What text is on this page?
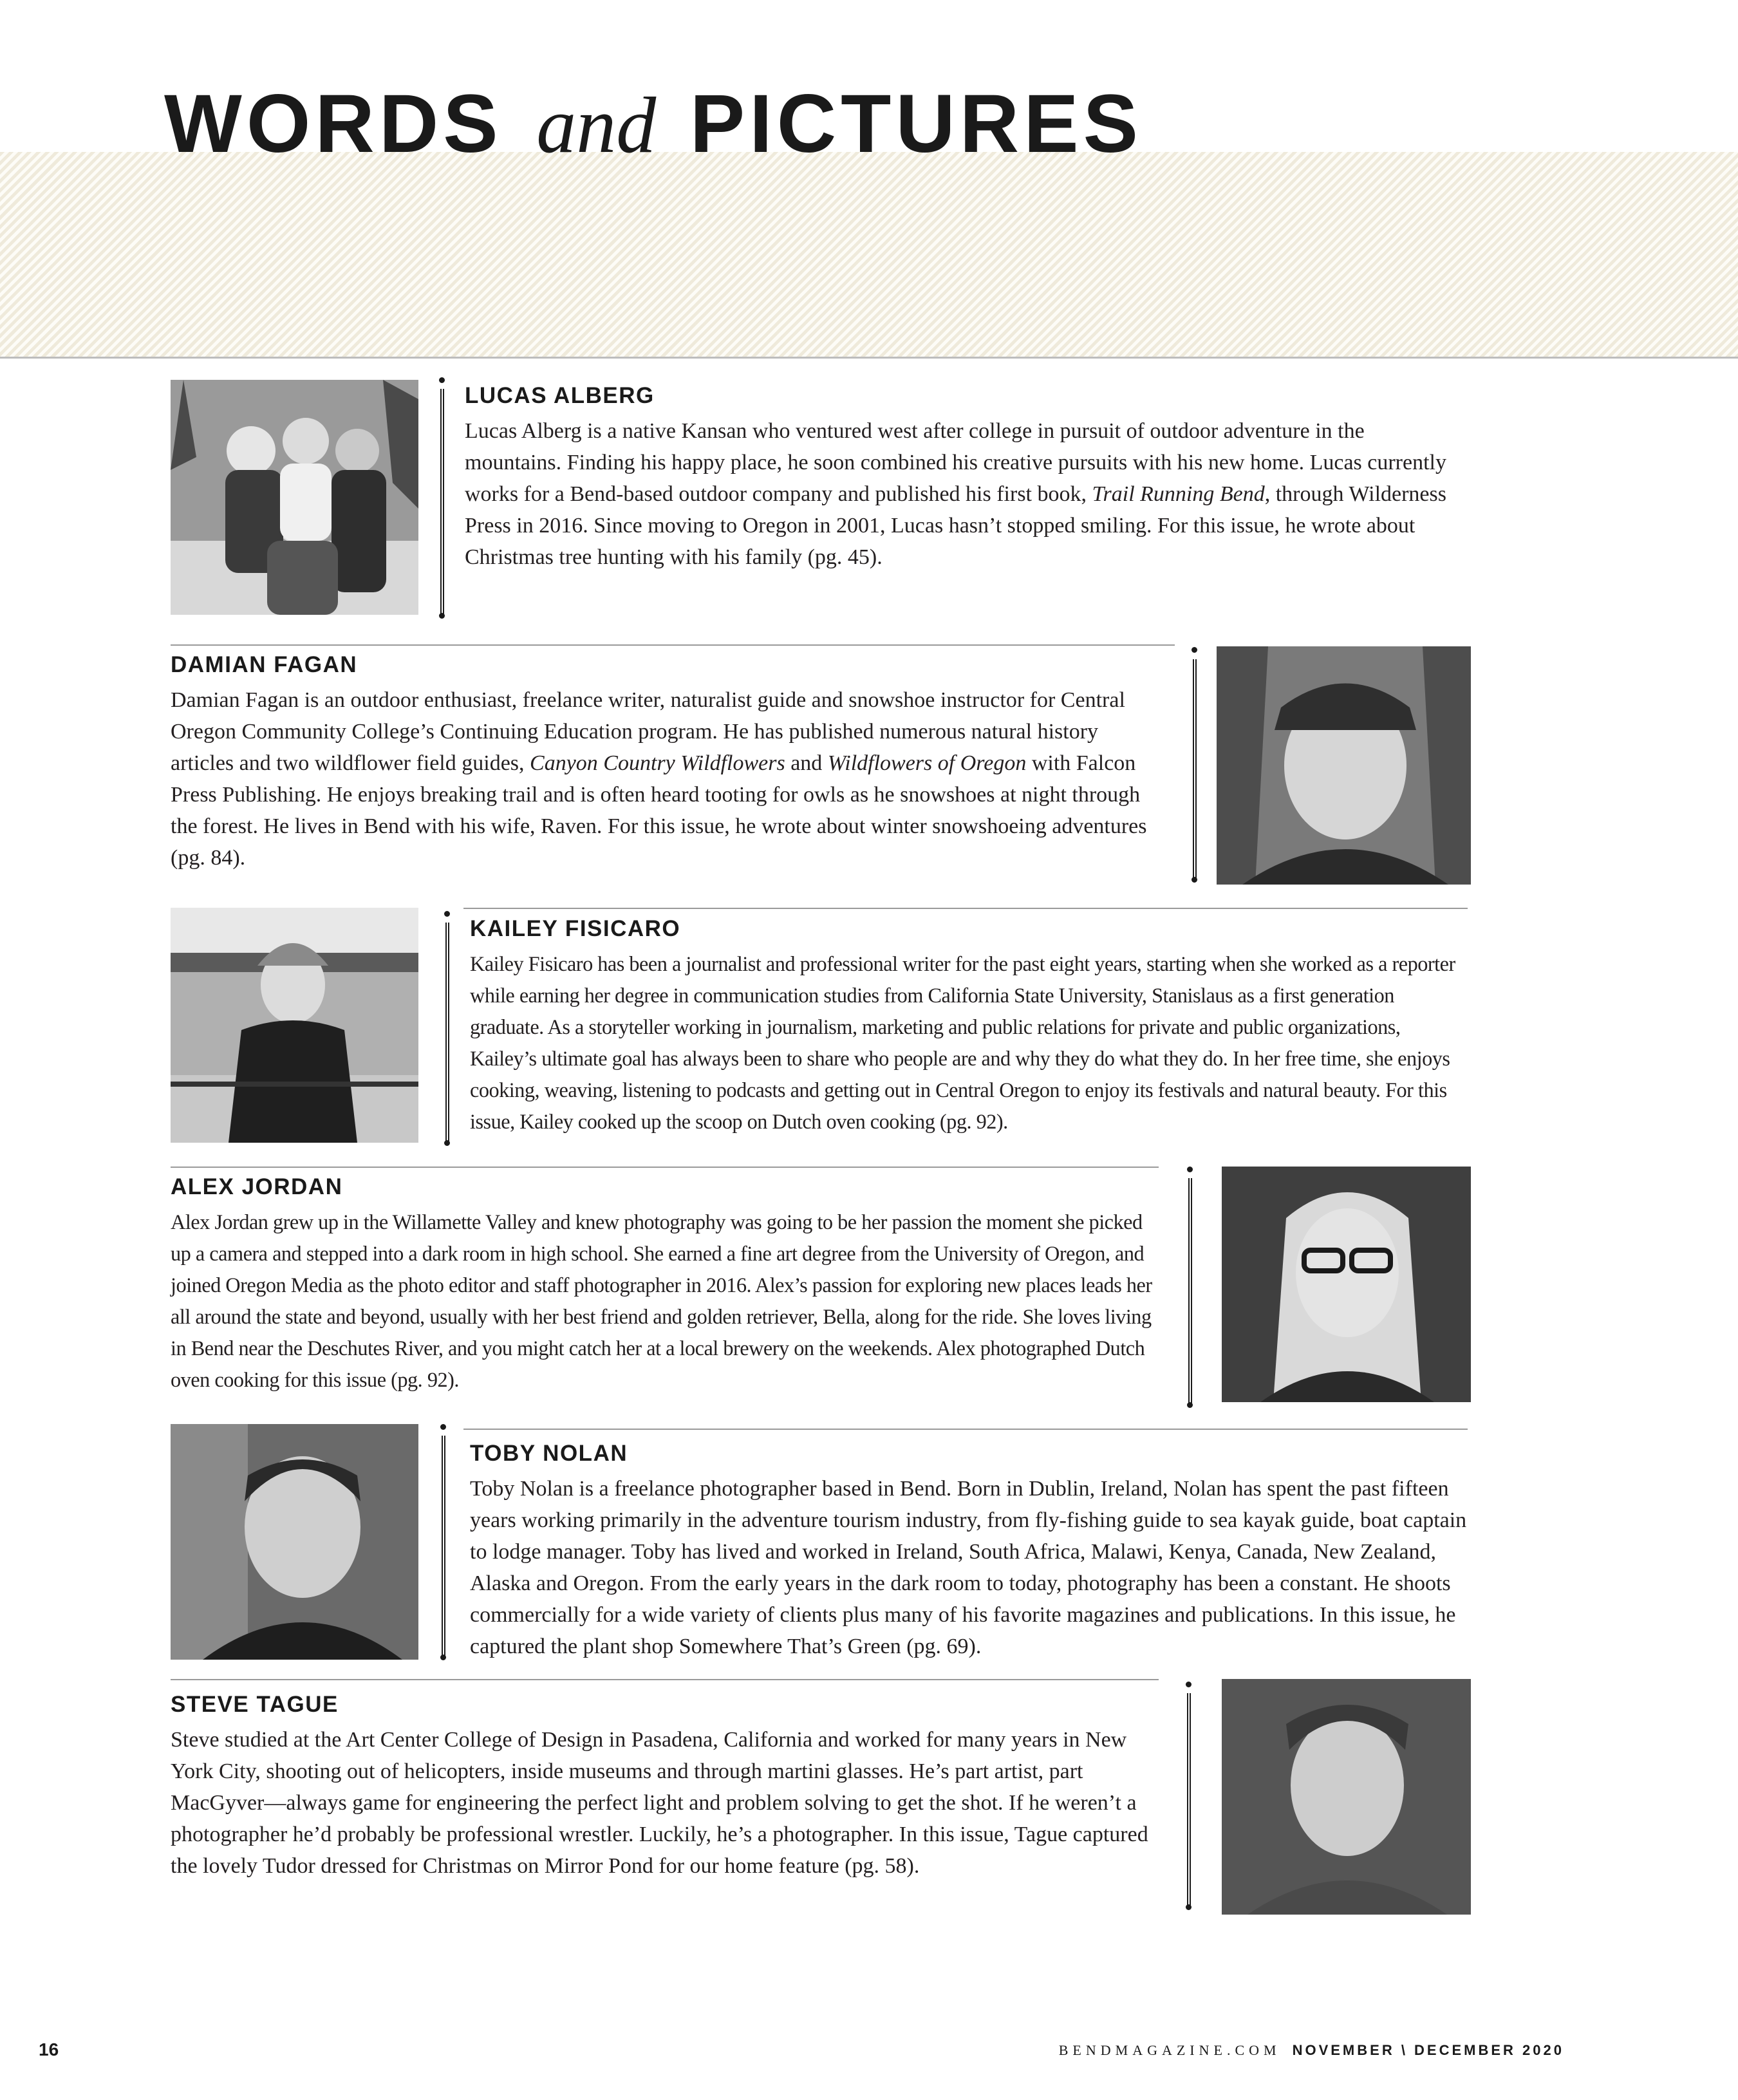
WORDS and PICTURES
LUCAS ALBERG

Lucas Alberg is a native Kansan who ventured west after college in pursuit of outdoor adventure in the mountains. Finding his happy place, he soon combined his creative pursuits with his new home. Lucas currently works for a Bend-based outdoor company and published his first book, Trail Running Bend, through Wilderness Press in 2016. Since moving to Oregon in 2001, Lucas hasn’t stopped smiling. For this issue, he wrote about Christmas tree hunting with his family (pg. 45).

DAMIAN FAGAN

Damian Fagan is an outdoor enthusiast, freelance writer, naturalist guide and snowshoe instructor for Central Oregon Community College’s Continuing Education program. He has published numerous natural history articles and two wildflower field guides, Canyon Country Wildflowers and Wildflowers of Oregon with Falcon Press Publishing. He enjoys breaking trail and is often heard tooting for owls as he snowshoes at night through the forest. He lives in Bend with his wife, Raven. For this issue, he wrote about winter snowshoeing adventures (pg. 84).

KAILEY FISICARO

Kailey Fisicaro has been a journalist and professional writer for the past eight years, starting when she worked as a reporter while earning her degree in communication studies from California State University, Stanislaus as a first generation graduate. As a storyteller working in journalism, marketing and public relations for private and public organizations, Kailey’s ultimate goal has always been to share who people are and why they do what they do. In her free time, she enjoys cooking, weaving, listening to podcasts and getting out in Central Oregon to enjoy its festivals and natural beauty. For this issue, Kailey cooked up the scoop on Dutch oven cooking (pg. 92).

ALEX JORDAN

Alex Jordan grew up in the Willamette Valley and knew photography was going to be her passion the moment she picked up a camera and stepped into a dark room in high school. She earned a fine art degree from the University of Oregon, and joined Oregon Media as the photo editor and staff photographer in 2016. Alex’s passion for exploring new places leads her all around the state and beyond, usually with her best friend and golden retriever, Bella, along for the ride. She loves living in Bend near the Deschutes River, and you might catch her at a local brewery on the weekends. Alex photographed Dutch oven cooking for this issue (pg. 92).

TOBY NOLAN

Toby Nolan is a freelance photographer based in Bend. Born in Dublin, Ireland, Nolan has spent the past fifteen years working primarily in the adventure tourism industry, from fly-fishing guide to sea kayak guide, boat captain to lodge manager. Toby has lived and worked in Ireland, South Africa, Malawi, Kenya, Canada, New Zealand, Alaska and Oregon. From the early years in the dark room to today, photography has been a constant. He shoots commercially for a wide variety of clients plus many of his favorite magazines and publications. In this issue, he captured the plant shop Somewhere That’s Green (pg. 69).

STEVE TAGUE

Steve studied at the Art Center College of Design in Pasadena, California and worked for many years in New York City, shooting out of helicopters, inside museums and through martini glasses. He’s part artist, part MacGyver—always game for engineering the perfect light and problem solving to get the shot. If he weren’t a photographer he’d probably be professional wrestler. Luckily, he’s a photographer. In this issue, Tague captured the lovely Tudor dressed for Christmas on Mirror Pond for our home feature (pg. 58).

16	BENDMAGAZINE.COM NOVEMBER \ DECEMBER 2020
